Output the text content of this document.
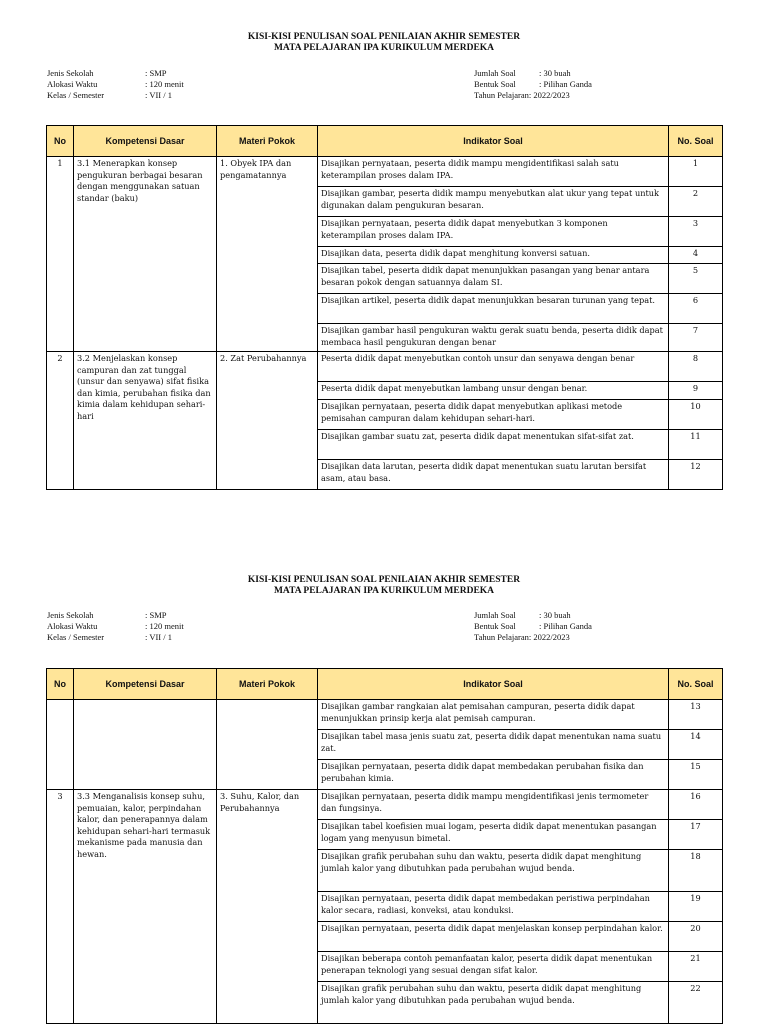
KISI-KISI PENULISAN SOAL PENILAIAN AKHIR SEMESTER
MATA PELAJARAN IPA KURIKULUM MERDEKA
Jenis Sekolah	: SMP
Alokasi Waktu	: 120 menit
Kelas / Semester	: VII / 1
Jumlah Soal	: 30 buah
Bentuk Soal	: Pilihan Ganda
Tahun Pelajaran : 2022/2023
No	Kompetensi Dasar	Materi Pokok	Indikator Soal	No. Soal
1	3.1 Menerapkan konsep pengukuran berbagai besaran dengan menggunakan satuan standar (baku)	1. Obyek IPA dan pengamatannya	Disajikan pernyataan, peserta didik mampu mengidentifikasi salah satu keterampilan proses dalam IPA.	1
			Disajikan gambar, peserta didik mampu menyebutkan alat ukur yang tepat untuk digunakan dalam pengukuran besaran.	2
			Disajikan pernyataan, peserta didik dapat menyebutkan 3 komponen keterampilan proses dalam IPA.	3
			Disajikan data, peserta didik dapat menghitung konversi satuan.	4
			Disajikan tabel, peserta didik dapat menunjukkan pasangan yang benar antara besaran pokok dengan satuannya dalam SI.	5
			Disajikan artikel, peserta didik dapat menunjukkan besaran turunan yang tepat.	6
			Disajikan gambar hasil pengukuran waktu gerak suatu benda, peserta didik dapat membaca hasil pengukuran dengan benar	7
2	3.2 Menjelaskan konsep campuran dan zat tunggal (unsur dan senyawa) sifat fisika dan kimia, perubahan fisika dan kimia dalam kehidupan sehari-hari	2. Zat Perubahannya	Peserta didik dapat menyebutkan contoh unsur dan senyawa dengan benar	8
			Peserta didik dapat menyebutkan lambang unsur dengan benar.	9
			Disajikan pernyataan, peserta didik dapat menyebutkan aplikasi metode pemisahan campuran dalam kehidupan sehari-hari.	10
			Disajikan gambar suatu zat, peserta didik dapat menentukan sifat-sifat zat.	11
			Disajikan data larutan, peserta didik dapat menentukan suatu larutan bersifat asam, atau basa.	12
KISI-KISI PENULISAN SOAL PENILAIAN AKHIR SEMESTER
MATA PELAJARAN IPA KURIKULUM MERDEKA
Jenis Sekolah	: SMP
Alokasi Waktu	: 120 menit
Kelas / Semester	: VII / 1
Jumlah Soal	: 30 buah
Bentuk Soal	: Pilihan Ganda
Tahun Pelajaran : 2022/2023
No	Kompetensi Dasar	Materi Pokok	Indikator Soal	No. Soal
			Disajikan gambar rangkaian alat pemisahan campuran, peserta didik dapat menunjukkan prinsip kerja alat pemisah campuran.	13
			Disajikan tabel masa jenis suatu zat, peserta didik dapat menentukan nama suatu zat.	14
			Disajikan pernyataan, peserta didik dapat membedakan perubahan fisika dan perubahan kimia.	15
3	3.3 Menganalisis konsep suhu, pemuaian, kalor, perpindahan kalor, dan penerapannya dalam kehidupan sehari-hari termasuk mekanisme pada manusia dan hewan.	3. Suhu, Kalor, dan Perubahannya	Disajikan pernyataan, peserta didik mampu mengidentifikasi jenis termometer dan fungsinya.	16
			Disajikan tabel koefisien muai logam, peserta didik dapat menentukan pasangan logam yang menyusun bimetal.	17
			Disajikan grafik perubahan suhu dan waktu, peserta didik dapat menghitung jumlah kalor yang dibutuhkan pada perubahan wujud benda.	18
			Disajikan pernyataan, peserta didik dapat membedakan peristiwa perpindahan kalor secara, radiasi, konveksi, atau konduksi.	19
			Disajikan pernyataan, peserta didik dapat menjelaskan konsep perpindahan kalor.	20
			Disajikan beberapa contoh pemanfaatan kalor, peserta didik dapat menentukan penerapan teknologi yang sesuai dengan sifat kalor.	21
			Disajikan grafik perubahan suhu dan waktu, peserta didik dapat menghitung jumlah kalor yang dibutuhkan pada perubahan wujud benda.	22
